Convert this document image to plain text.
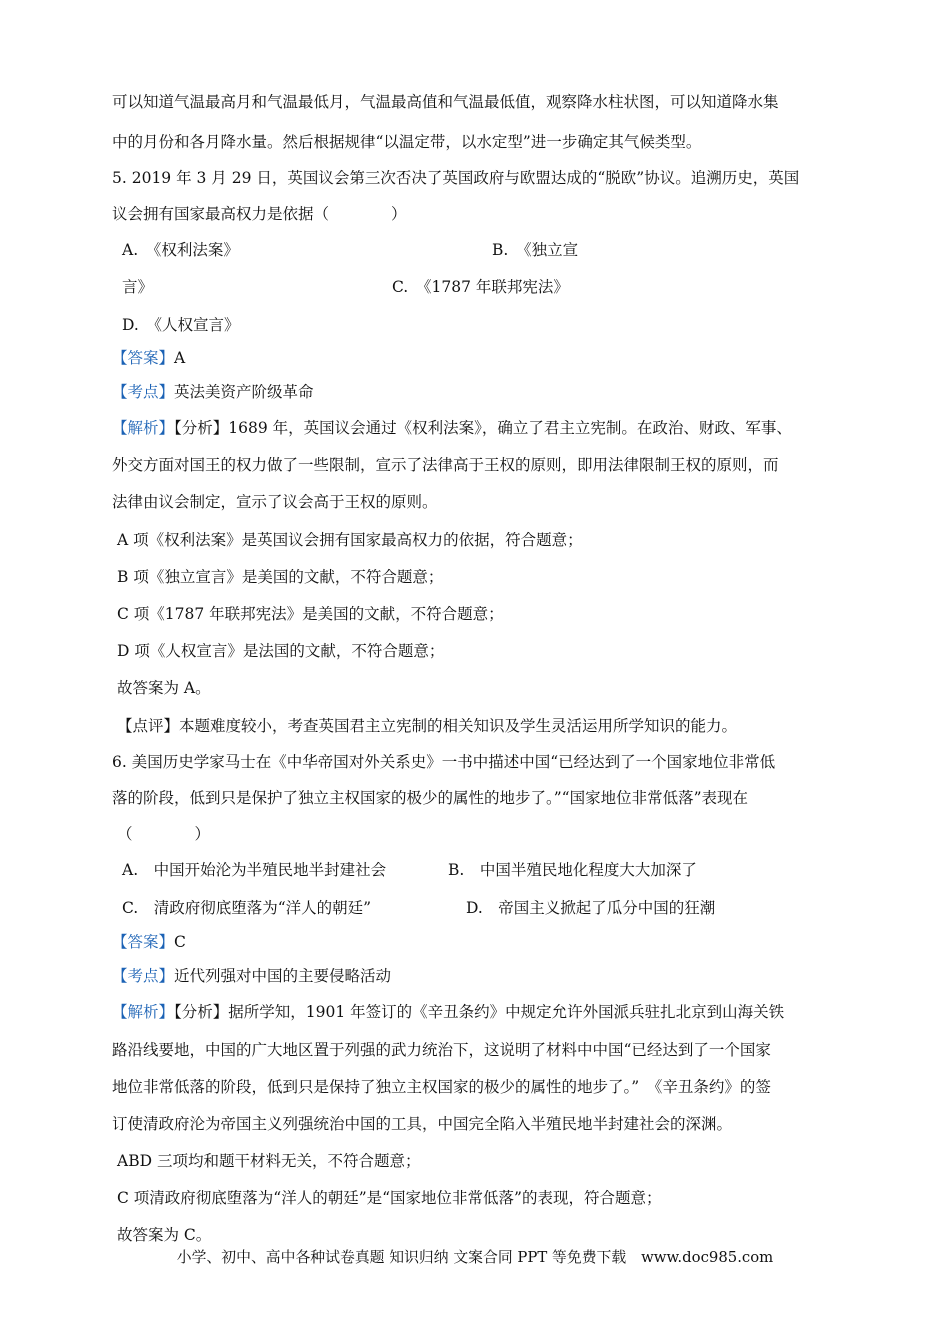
可以知道气温最高月和气温最低月，气温最高值和气温最低值，观察降水柱状图，可以知道降水集
中的月份和各月降水量。然后根据规律“以温定带，以水定型”进一步确定其气候类型。
5. 2019 年 3 月 29 日，英国议会第三次否决了英国政府与欧盟达成的“脱欧”协议。追溯历史，英国
议会拥有国家最高权力是依据（　　　　）
A.　《权利法案》	B.　《独立宣
言》	C.　《1787 年联邦宪法》
D.　《人权宣言》
【答案】A
【考点】英法美资产阶级革命
【解析】【分析】1689 年，英国议会通过《权利法案》，确立了君主立宪制。在政治、财政、军事、
外交方面对国王的权力做了一些限制，宣示了法律高于王权的原则，即用法律限制王权的原则，而
法律由议会制定，宣示了议会高于王权的原则。
A 项《权利法案》是英国议会拥有国家最高权力的依据，符合题意；
B 项《独立宣言》是美国的文献，不符合题意；
C 项《1787 年联邦宪法》是美国的文献，不符合题意；
D 项《人权宣言》是法国的文献，不符合题意；
故答案为 A。
【点评】本题难度较小，考查英国君主立宪制的相关知识及学生灵活运用所学知识的能力。
6. 美国历史学家马士在《中华帝国对外关系史》一书中描述中国“已经达到了一个国家地位非常低
落的阶段，低到只是保护了独立主权国家的极少的属性的地步了。”“国家地位非常低落”表现在
（　　　　）
A.　中国开始沦为半殖民地半封建社会	B.　中国半殖民地化程度大大加深了
C.　清政府彻底堕落为“洋人的朝廷”	D.　帝国主义掀起了瓜分中国的狂潮
【答案】C
【考点】近代列强对中国的主要侵略活动
【解析】【分析】据所学知，1901 年签订的《辛丑条约》中规定允许外国派兵驻扎北京到山海关铁
路沿线要地，中国的广大地区置于列强的武力统治下，这说明了材料中中国“已经达到了一个国家
地位非常低落的阶段，低到只是保持了独立主权国家的极少的属性的地步了。”　《辛丑条约》的签
订使清政府沦为帝国主义列强统治中国的工具，中国完全陷入半殖民地半封建社会的深渊。
ABD 三项均和题干材料无关，不符合题意；
C 项清政府彻底堕落为“洋人的朝廷”是“国家地位非常低落”的表现，符合题意；
故答案为 C。
小学、初中、高中各种试卷真题 知识归纳 文案合同 PPT 等免费下载　www.doc985.com
